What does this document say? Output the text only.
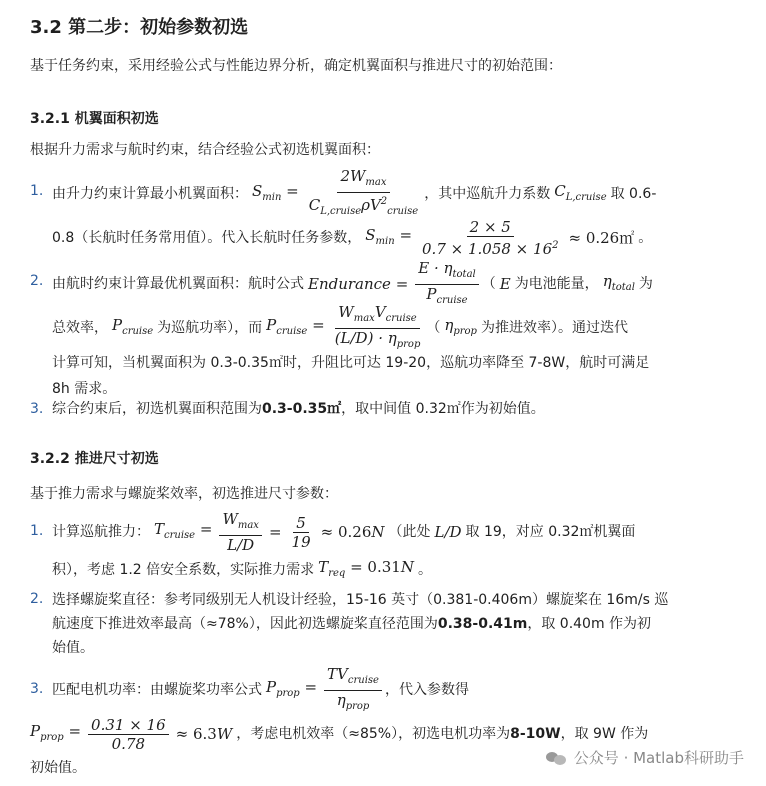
3.2 第二步：初始参数初选
基于任务约束，采用经验公式与性能边界分析，确定机翼面积与推进尺寸的初始范围：
3.2.1 机翼面积初选
根据升力需求与航时约束，结合经验公式初选机翼面积：
1. 由升力约束计算最小机翼面积： $S_{min} = \frac{2W_{max}}{C_{L,cruise}\rho V^2_{cruise}}$ ，其中巡航升力系数 $C_{L,cruise}$ 取 0.6-
0.8（长航时任务常用值）。代入长航时任务参数， $S_{min} = \frac{2 \times 5}{0.7 \times 1.058 \times 16^2}$ ≈ 0.26㎡ 。
2. 由航时约束计算最优机翼面积：航时公式 Endurance = $\frac{E \cdot \eta_{total}}{P_{cruise}}$ （ E 为电池能量， $\eta_{total}$ 为
总效率， $P_{cruise}$ 为巡航功率），而 $P_{cruise} = \frac{W_{max}V_{cruise}}{(L/D) \cdot \eta_{prop}}$ （ $\eta_{prop}$ 为推进效率）。通过迭代
计算可知，当机翼面积为 0.3-0.35㎡时，升阻比可达 19-20，巡航功率降至 7-8W，航时可满足
8h 需求。
3. 综合约束后，初选机翼面积范围为 0.3-0.35㎡ ，取中间值 0.32㎡作为初始值。
3.2.2 推进尺寸初选
基于推力需求与螺旋桨效率，初选推进尺寸参数：
1. 计算巡航推力： $T_{cruise} = \frac{W_{max}}{L/D} = \frac{5}{19} \approx 0.26N$ （此处 L/D 取 19，对应 0.32㎡机翼面
积），考虑 1.2 倍安全系数，实际推力需求 $T_{req} = 0.31N$ 。
2. 选择螺旋桨直径：参考同级别无人机设计经验，15-16 英寸（0.381-0.406m）螺旋桨在 16m/s 巡
航速度下推进效率最高（≈78%），因此初选螺旋桨直径范围为 0.38-0.41m ，取 0.40m 作为初
始值。
3. 匹配电机功率：由螺旋桨功率公式 $P_{prop} = \frac{TV_{cruise}}{\eta_{prop}}$ ，代入参数得
$P_{prop} = \frac{0.31 \times 16}{0.78} \approx 6.3W$ ，考虑电机效率（≈85%），初选电机功率为 8-10W ，取 9W 作为
初始值。
公众号 · Matlab科研助手
